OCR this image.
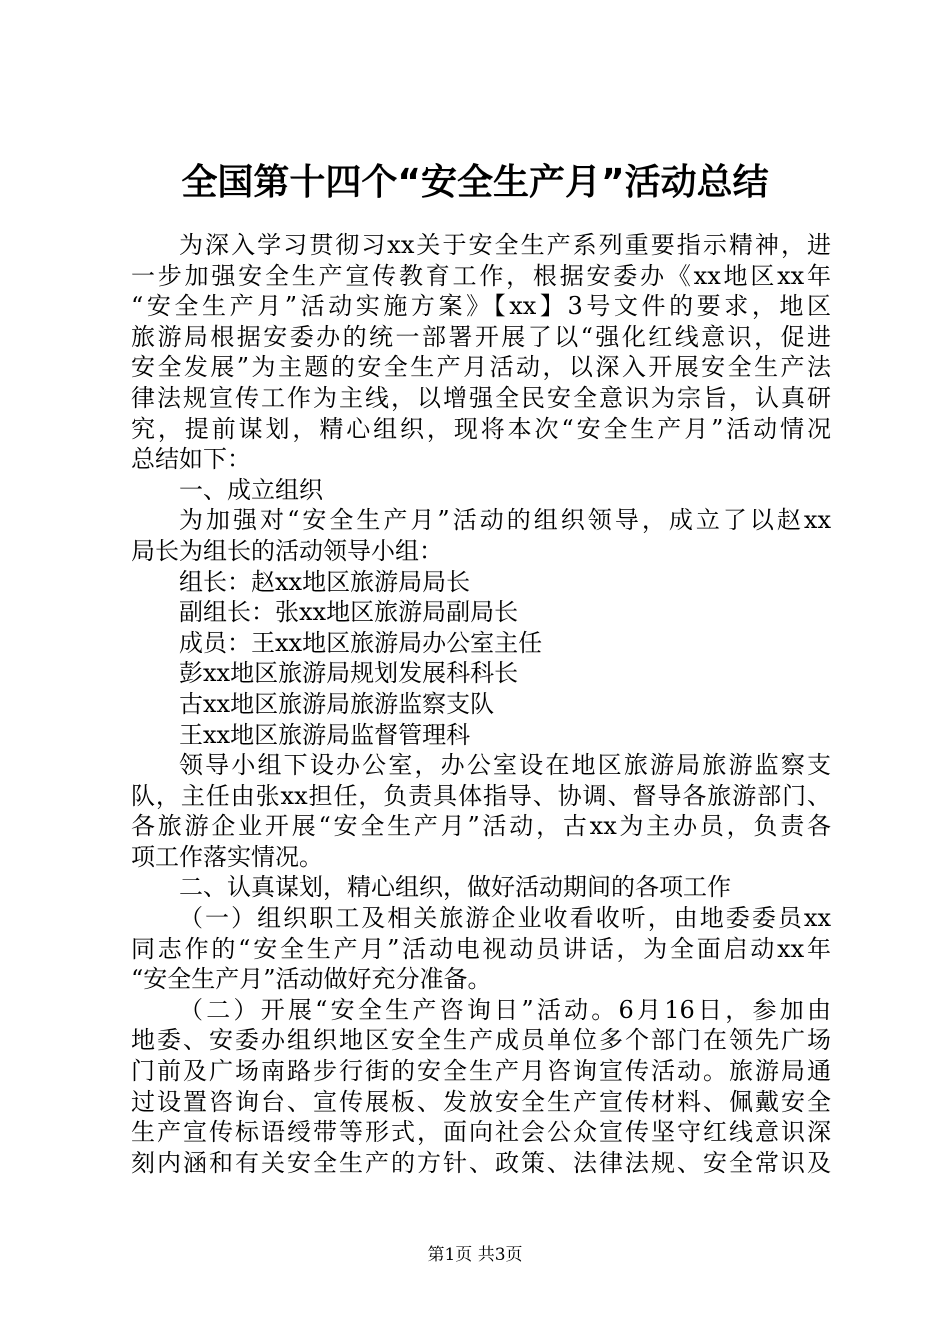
全国第十四个“安全生产月”活动总结
为深入学习贯彻习xx关于安全生产系列重要指示精神，进
一步加强安全生产宣传教育工作，根据安委办《xx地区xx年
“安全生产月”活动实施方案》【xx】3号文件的要求，地区
旅游局根据安委办的统一部署开展了以“强化红线意识，促进
安全发展”为主题的安全生产月活动，以深入开展安全生产法
律法规宣传工作为主线，以增强全民安全意识为宗旨，认真研
究，提前谋划，精心组织，现将本次“安全生产月”活动情况
总结如下：
一、成立组织
为加强对“安全生产月”活动的组织领导，成立了以赵xx
局长为组长的活动领导小组：
组长：赵xx地区旅游局局长
副组长：张xx地区旅游局副局长
成员：王xx地区旅游局办公室主任
彭xx地区旅游局规划发展科科长
古xx地区旅游局旅游监察支队
王xx地区旅游局监督管理科
领导小组下设办公室，办公室设在地区旅游局旅游监察支
队，主任由张xx担任，负责具体指导、协调、督导各旅游部门、
各旅游企业开展“安全生产月”活动，古xx为主办员，负责各
项工作落实情况。
二、认真谋划，精心组织，做好活动期间的各项工作
（一）组织职工及相关旅游企业收看收听，由地委委员xx
同志作的“安全生产月”活动电视动员讲话，为全面启动xx年
“安全生产月”活动做好充分准备。
（二）开展“安全生产咨询日”活动。6月16日，参加由
地委、安委办组织地区安全生产成员单位多个部门在领先广场
门前及广场南路步行街的安全生产月咨询宣传活动。旅游局通
过设置咨询台、宣传展板、发放安全生产宣传材料、佩戴安全
生产宣传标语绶带等形式，面向社会公众宣传坚守红线意识深
刻内涵和有关安全生产的方针、政策、法律法规、安全常识及
第1页 共3页
